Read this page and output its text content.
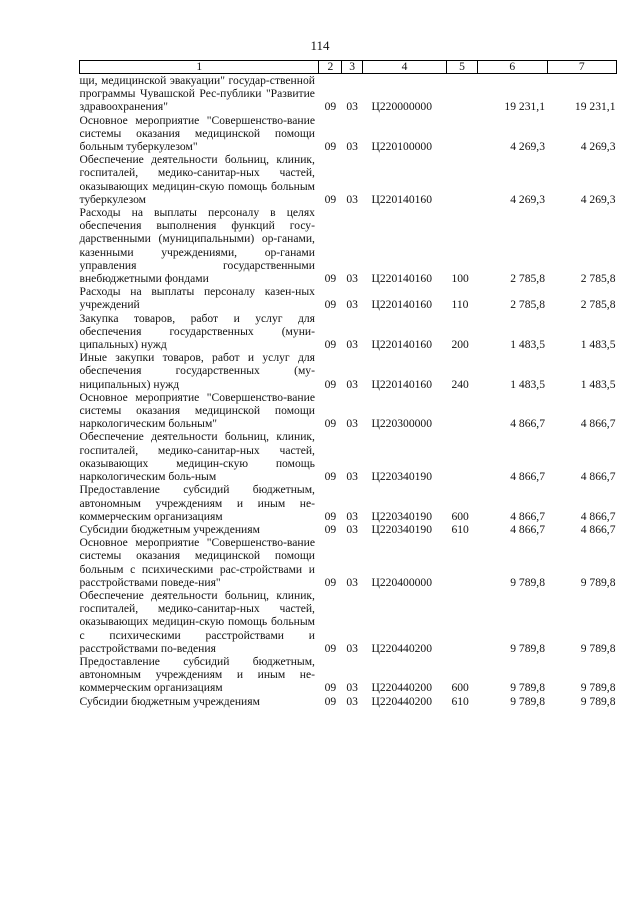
114
1	2	3	4	5	6	7
щи, медицинской эвакуации" государ-ственной программы Чувашской Рес-публики "Развитие здравоохранения"	09	03	Ц220000000		19 231,1	19 231,1
Основное мероприятие "Совершенство-вание системы оказания медицинской помощи больным туберкулезом"	09	03	Ц220100000		4 269,3	4 269,3
Обеспечение деятельности больниц, клиник, госпиталей, медико-санитар-ных частей, оказывающих медицин-скую помощь больным туберкулезом	09	03	Ц220140160		4 269,3	4 269,3
Расходы на выплаты персоналу в целях обеспечения выполнения функций госу-дарственными (муниципальными) ор-ганами, казенными учреждениями, ор-ганами управления государственными внебюджетными фондами	09	03	Ц220140160	100	2 785,8	2 785,8
Расходы на выплаты персоналу казен-ных учреждений	09	03	Ц220140160	110	2 785,8	2 785,8
Закупка товаров, работ и услуг для обеспечения государственных (муни-ципальных) нужд	09	03	Ц220140160	200	1 483,5	1 483,5
Иные закупки товаров, работ и услуг для обеспечения государственных (му-ниципальных) нужд	09	03	Ц220140160	240	1 483,5	1 483,5
Основное мероприятие "Совершенство-вание системы оказания медицинской помощи наркологическим больным"	09	03	Ц220300000		4 866,7	4 866,7
Обеспечение деятельности больниц, клиник, госпиталей, медико-санитар-ных частей, оказывающих медицин-скую помощь наркологическим боль-ным	09	03	Ц220340190		4 866,7	4 866,7
Предоставление субсидий бюджетным, автономным учреждениям и иным не-коммерческим организациям	09	03	Ц220340190	600	4 866,7	4 866,7
Субсидии бюджетным учреждениям	09	03	Ц220340190	610	4 866,7	4 866,7
Основное мероприятие "Совершенство-вание системы оказания медицинской помощи больным с психическими рас-стройствами и расстройствами поведе-ния"	09	03	Ц220400000		9 789,8	9 789,8
Обеспечение деятельности больниц, клиник, госпиталей, медико-санитар-ных частей, оказывающих медицин-скую помощь больным с психическими расстройствами и расстройствами по-ведения	09	03	Ц220440200		9 789,8	9 789,8
Предоставление субсидий бюджетным, автономным учреждениям и иным не-коммерческим организациям	09	03	Ц220440200	600	9 789,8	9 789,8
Субсидии бюджетным учреждениям	09	03	Ц220440200	610	9 789,8	9 789,8
